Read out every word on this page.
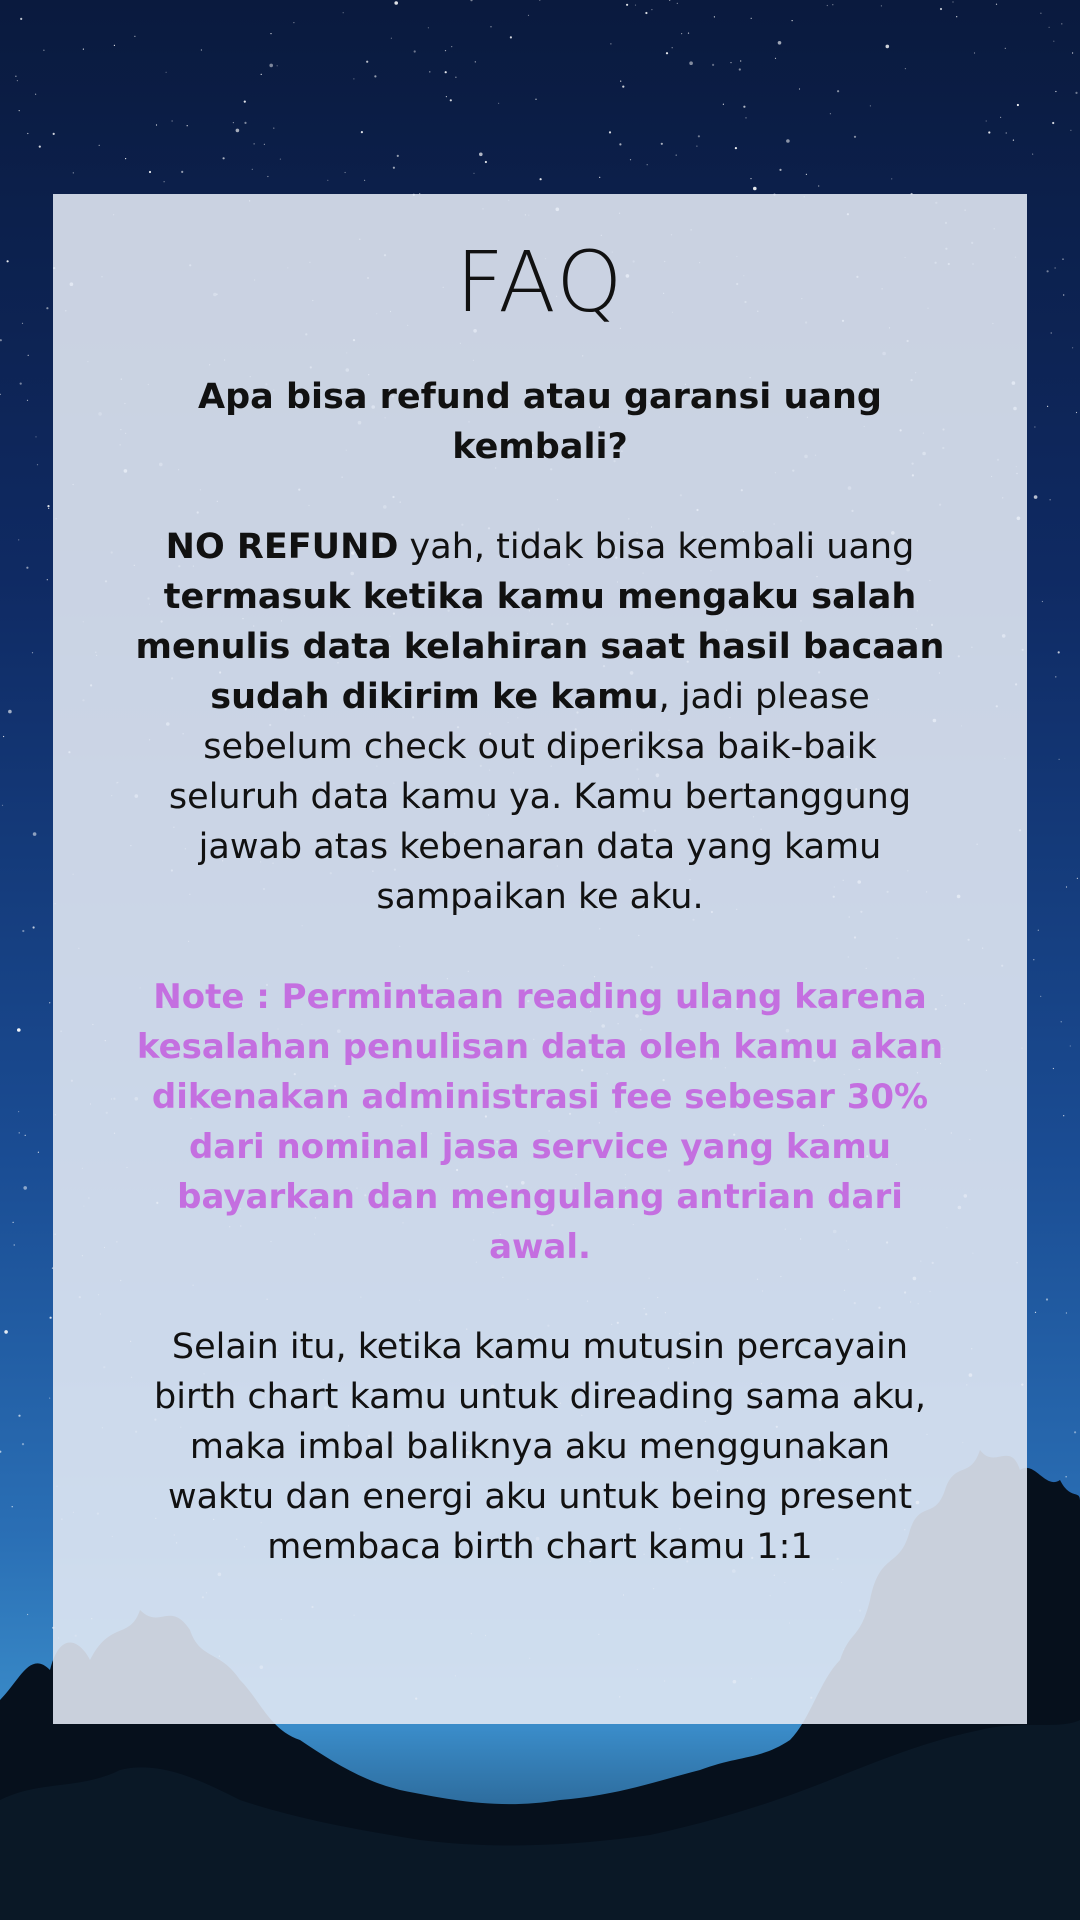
FAQ
Apa bisa refund atau garansi uang kembali?
NO REFUND yah, tidak bisa kembali uang termasuk ketika kamu mengaku salah menulis data kelahiran saat hasil bacaan sudah dikirim ke kamu, jadi please sebelum check out diperiksa baik-baik seluruh data kamu ya. Kamu bertanggung jawab atas kebenaran data yang kamu sampaikan ke aku.
Note : Permintaan reading ulang karena kesalahan penulisan data oleh kamu akan dikenakan administrasi fee sebesar 30% dari nominal jasa service yang kamu bayarkan dan mengulang antrian dari awal.
Selain itu, ketika kamu mutusin percayain birth chart kamu untuk direading sama aku, maka imbal baliknya aku menggunakan waktu dan energi aku untuk being present membaca birth chart kamu 1:1
